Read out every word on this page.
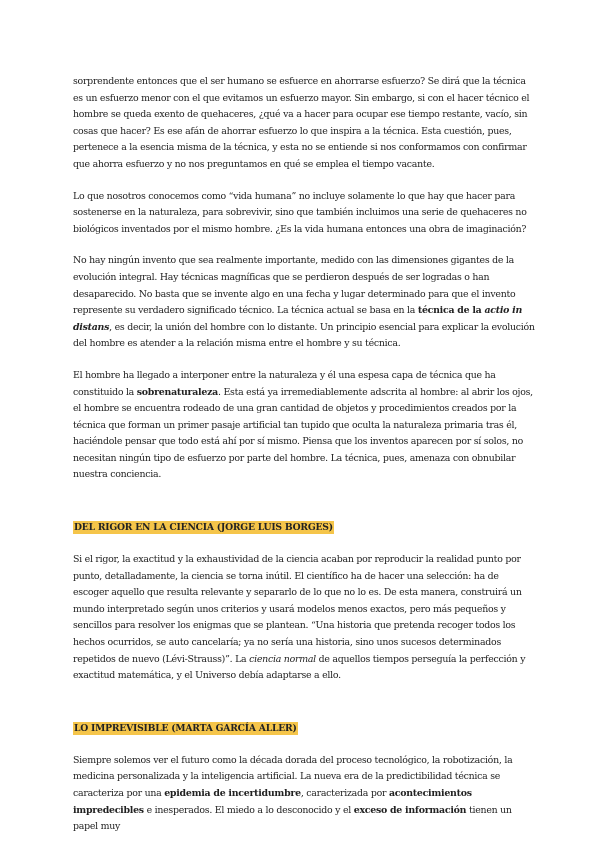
sorprendente entonces que el ser humano se esfuerce en ahorrarse esfuerzo? Se dirá que la técnica es un esfuerzo menor con el que evitamos un esfuerzo mayor. Sin embargo, si con el hacer técnico el hombre se queda exento de quehaceres, ¿qué va a hacer para ocupar ese tiempo restante, vacío, sin cosas que hacer? Es ese afán de ahorrar esfuerzo lo que inspira a la técnica. Esta cuestión, pues, pertenece a la esencia misma de la técnica, y esta no se entiende si nos conformamos con confirmar que ahorra esfuerzo y no nos preguntamos en qué se emplea el tiempo vacante.

Lo que nosotros conocemos como “vida humana” no incluye solamente lo que hay que hacer para sostenerse en la naturaleza, para sobrevivir, sino que también incluimos una serie de quehaceres no biológicos inventados por el mismo hombre. ¿Es la vida humana entonces una obra de imaginación?

No hay ningún invento que sea realmente importante, medido con las dimensiones gigantes de la evolución integral. Hay técnicas magníficas que se perdieron después de ser logradas o han desaparecido. No basta que se invente algo en una fecha y lugar determinado para que el invento represente su verdadero significado técnico. La técnica actual se basa en la técnica de la actio in distans, es decir, la unión del hombre con lo distante. Un principio esencial para explicar la evolución del hombre es atender a la relación misma entre el hombre y su técnica.

El hombre ha llegado a interponer entre la naturaleza y él una espesa capa de técnica que ha constituido la sobrenaturaleza. Esta está ya irremediablemente adscrita al hombre: al abrir los ojos, el hombre se encuentra rodeado de una gran cantidad de objetos y procedimientos creados por la técnica que forman un primer pasaje artificial tan tupido que oculta la naturaleza primaria tras él, haciéndole pensar que todo está ahí por sí mismo. Piensa que los inventos aparecen por sí solos, no necesitan ningún tipo de esfuerzo por parte del hombre. La técnica, pues, amenaza con obnubilar nuestra conciencia.

DEL RIGOR EN LA CIENCIA (JORGE LUIS BORGES)

Si el rigor, la exactitud y la exhaustividad de la ciencia acaban por reproducir la realidad punto por punto, detalladamente, la ciencia se torna inútil. El científico ha de hacer una selección: ha de escoger aquello que resulta relevante y separarlo de lo que no lo es. De esta manera, construirá un mundo interpretado según unos criterios y usará modelos menos exactos, pero más pequeños y sencillos para resolver los enigmas que se plantean. “Una historia que pretenda recoger todos los hechos ocurridos, se auto cancelaría; ya no sería una historia, sino unos sucesos determinados repetidos de nuevo (Lévi-Strauss)”. La ciencia normal de aquellos tiempos perseguía la perfección y exactitud matemática, y el Universo debía adaptarse a ello.

LO IMPREVISIBLE (MARTA GARCÍA ALLER)

Siempre solemos ver el futuro como la década dorada del proceso tecnológico, la robotización, la medicina personalizada y la inteligencia artificial. La nueva era de la predictibilidad técnica se caracteriza por una epidemia de incertidumbre, caracterizada por acontecimientos impredecibles e inesperados. El miedo a lo desconocido y el exceso de información tienen un papel muy
